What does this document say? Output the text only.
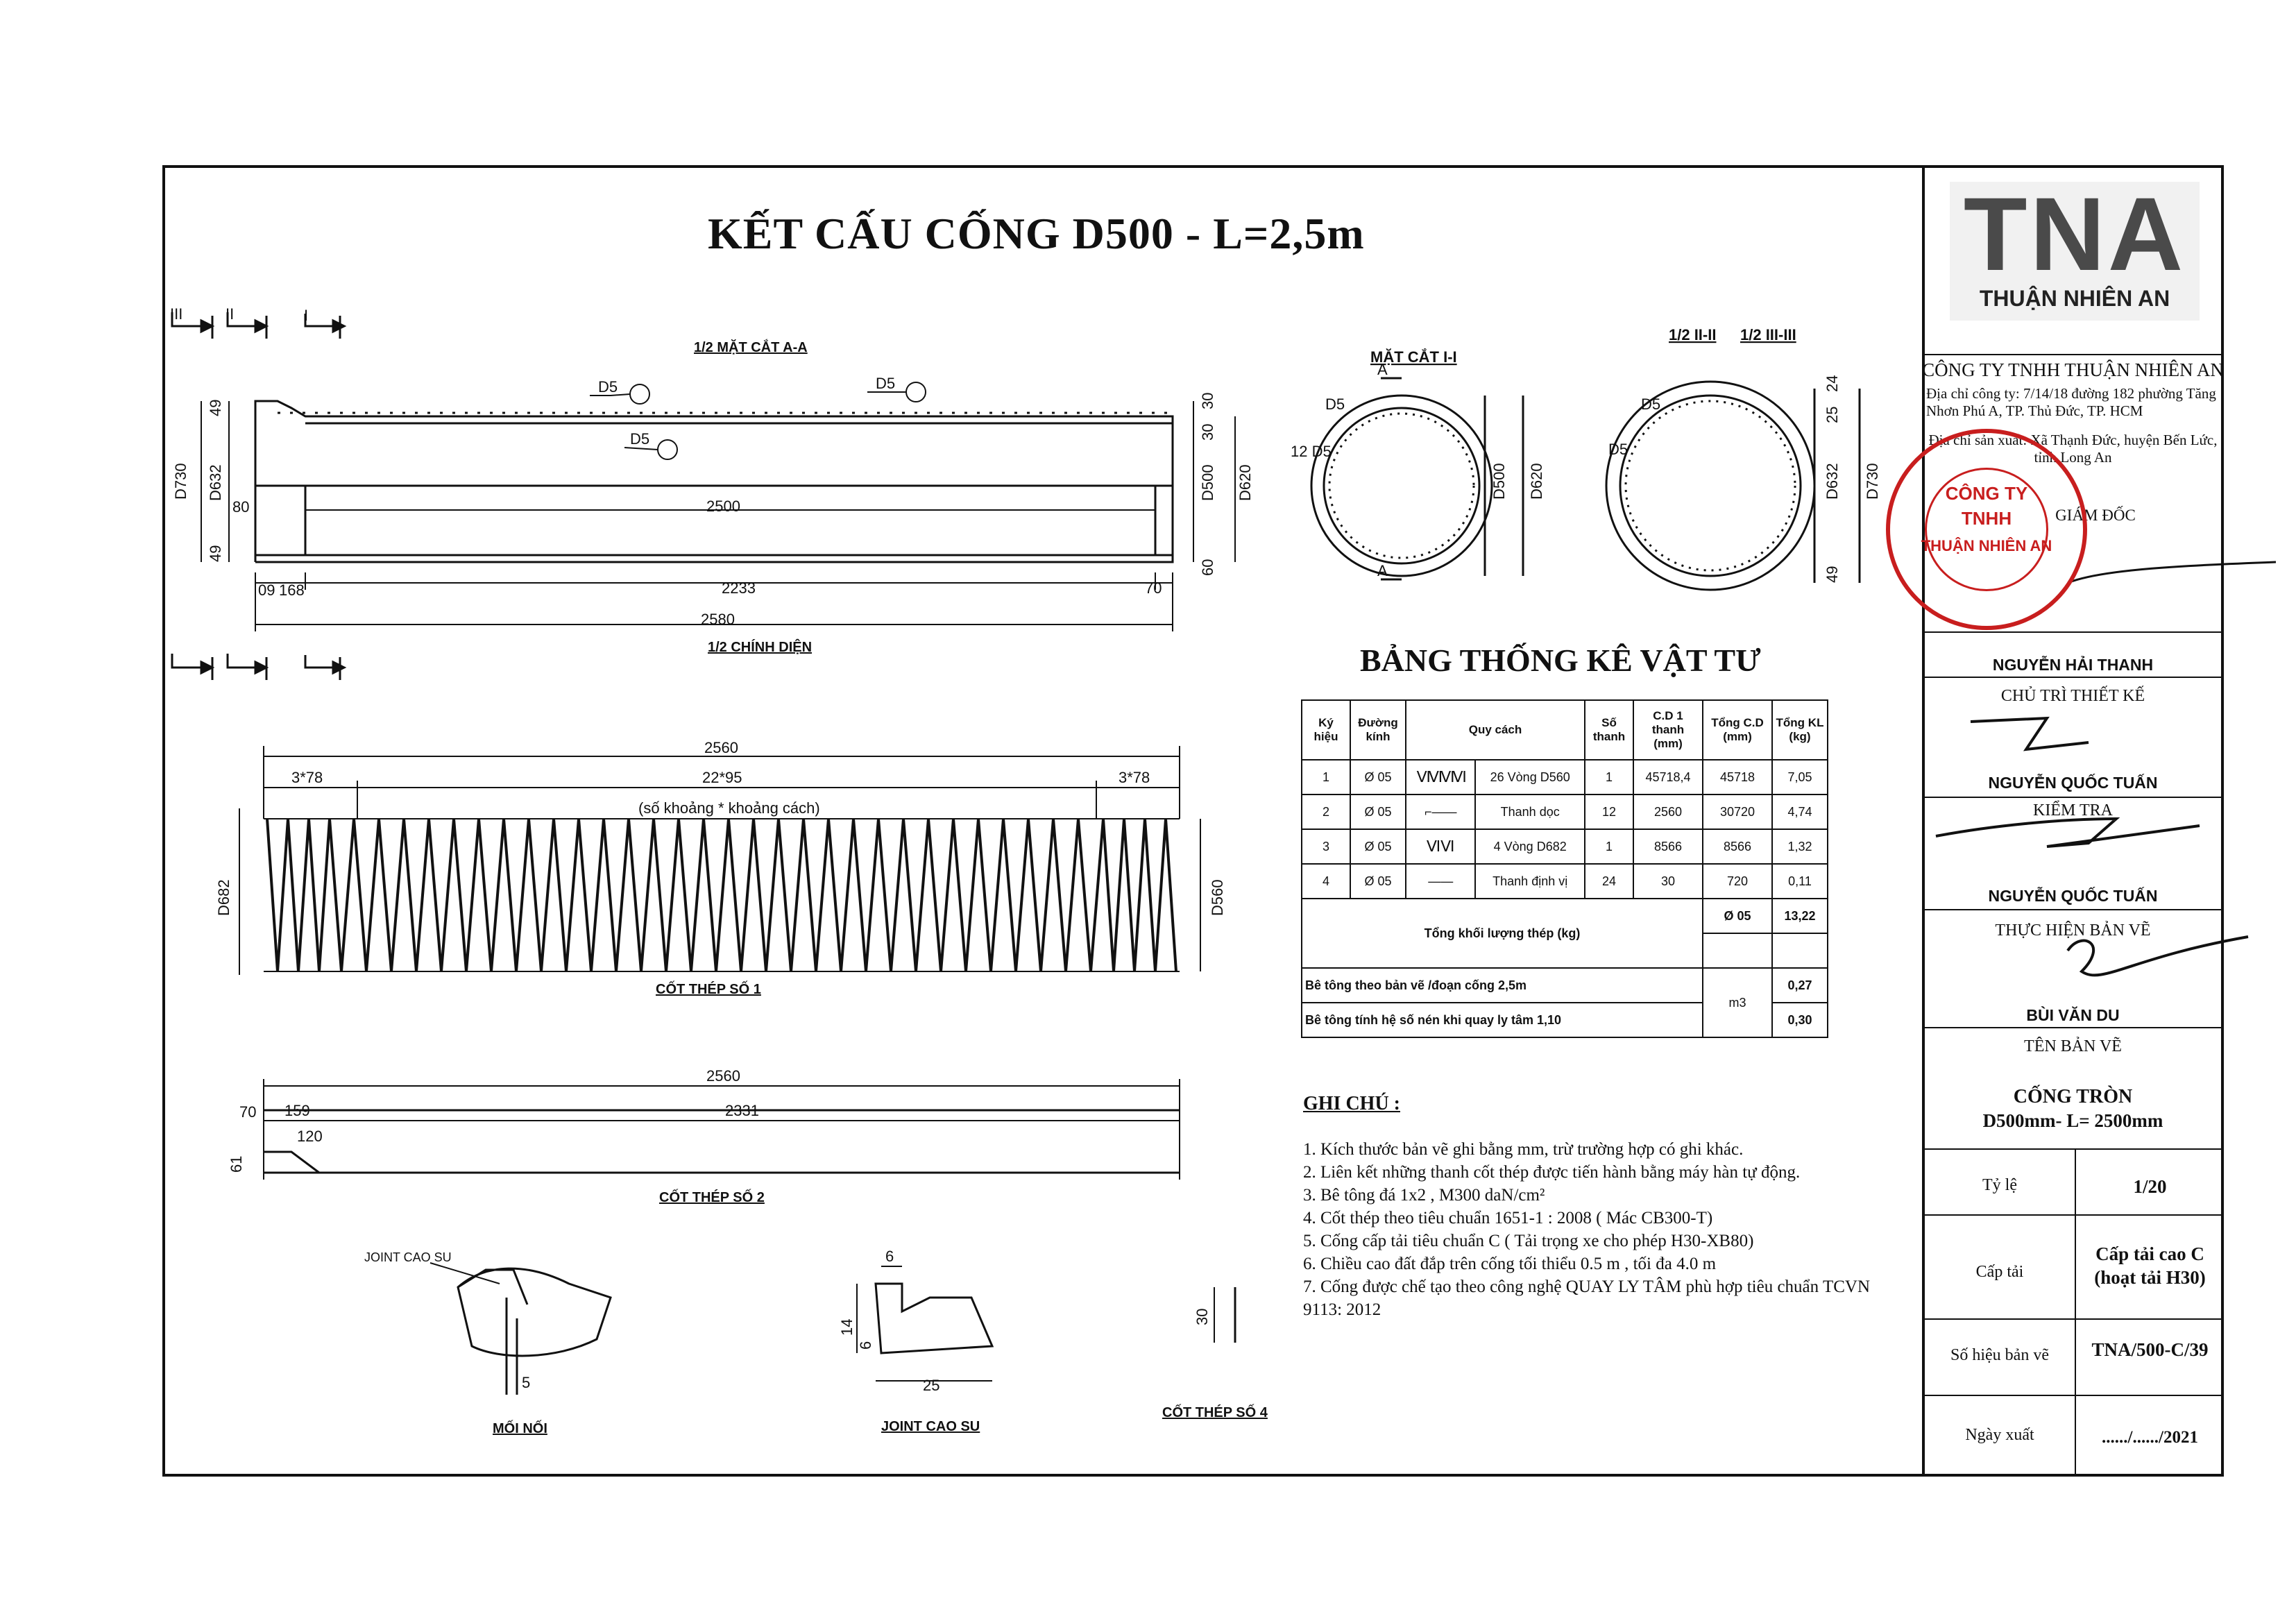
KẾT CẤU CỐNG D500 - L=2,5m
III	II	I
2500
2233
2580
70
09 168
80
49
49
D730 D632	D500 D620
30
30
60
D5
D5
D5
MẶT CẮT I-I
A
A
D5
12 D5
D500 D620
1/2 II-II 1/2 III-III
D5
D5
D632 D730
24
25
49
2560
3*78	22*95	3*78
(số khoảng * khoảng cách)
D682	D560
2560
2331
159
120
70
61
JOINT CAO SU
5
6
14
6
25
30
1/2 MẶT CẮT A-A
1/2 CHÍNH DIỆN
CỐT THÉP SỐ 1
CỐT THÉP SỐ 2
CỐT THÉP SỐ 4
MỐI NỐI	JOINT CAO SU
BẢNG THỐNG KÊ VẬT TƯ
Ký hiệu	Đường kính	Quy cách		Số thanh	C.D 1 thanh (mm)	Tổng C.D (mm)	Tổng KL (kg)
1	Ø 05	ⅥⅥⅥⅥ	26 Vòng D560	1	45718,4	45718	7,05
2	Ø 05	⌐——	Thanh dọc	12	2560	30720	4,74
3	Ø 05	ⅥⅥ	4 Vòng D682	1	8566	8566	1,32
4	Ø 05	——	Thanh định vị	24	30	720	0,11
Tổng khối lượng thép (kg)						Ø 05	13,22

Bê tông theo bản vẽ /đoạn cống 2,5m						m3	0,27
Bê tông tính hệ số nén khi quay ly tâm 1,10							0,30
GHI CHÚ :
1. Kích thước bản vẽ ghi bằng mm, trừ trường hợp có ghi khác.
2. Liên kết những thanh cốt thép được tiến hành bằng máy hàn tự động.
3. Bê tông đá 1x2 , M300 daN/cm²
4. Cốt thép theo tiêu chuẩn 1651-1 : 2008 ( Mác CB300-T)
5. Cống cấp tải tiêu chuẩn C ( Tải trọng xe cho phép H30-XB80)
6. Chiều cao đất đắp trên cống tối thiểu 0.5 m , tối đa 4.0 m
7. Cống được chế tạo theo công nghệ QUAY LY TÂM phù hợp tiêu chuẩn TCVN 9113: 2012
TNA
THUẬN NHIÊN AN
CÔNG TY TNHH THUẬN NHIÊN AN
Địa chỉ công ty: 7/14/18 đường 182 phường Tăng Nhơn Phú A, TP. Thủ Đức, TP. HCM
Địa chỉ sản xuất: Xã Thạnh Đức, huyện Bến Lức, tỉnh Long An
GIÁM ĐỐC
NGUYỄN HẢI THANH
CHỦ TRÌ THIẾT KẾ
NGUYỄN QUỐC TUẤN
KIỂM TRA
NGUYỄN QUỐC TUẤN
THỰC HIỆN BẢN VẼ
BÙI VĂN DU
TÊN BẢN VẼ
CỐNG TRÒN
D500mm- L= 2500mm
Tỷ lệ	1/20
Cấp tải
Cấp tải cao C
(hoạt tải H30)
Số hiệu bản vẽ	TNA/500-C/39
Ngày xuất	....../....../2021
CÔNG TY
TNHH
THUẬN NHIÊN AN
